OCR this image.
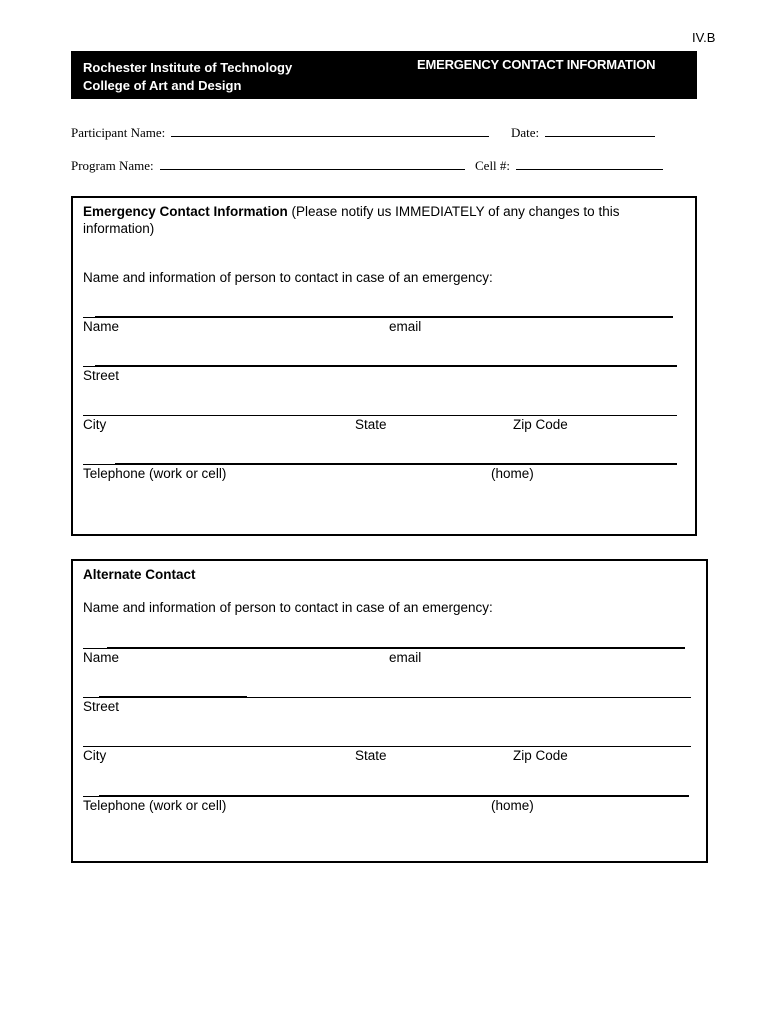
IV.B
Rochester Institute of Technology
College of Art and Design
EMERGENCY CONTACT INFORMATION
Participant Name:	Date:
Program Name:	Cell #:
Emergency Contact Information (Please notify us IMMEDIATELY of any changes to this
information)
Name and information of person to contact in case of an emergency:
Name	email
Street
City	State	Zip Code
Telephone (work or cell)	(home)
Alternate Contact
Name and information of person to contact in case of an emergency:
Name	email
Street
City	State	Zip Code
Telephone (work or cell)	(home)
